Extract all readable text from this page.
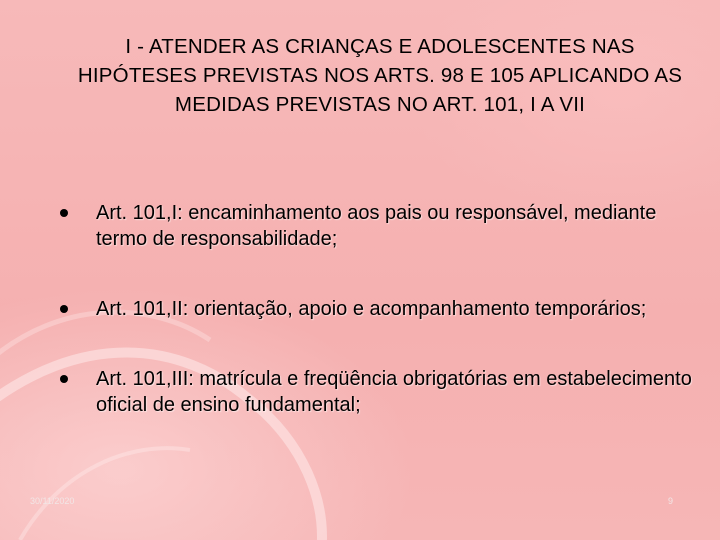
I - ATENDER AS CRIANÇAS E ADOLESCENTES NAS HIPÓTESES PREVISTAS NOS ARTS. 98 E 105 APLICANDO AS MEDIDAS PREVISTAS NO ART. 101, I A VII
Art. 101,I: encaminhamento aos pais ou responsável, mediante termo de responsabilidade;
Art. 101,II: orientação, apoio e acompanhamento temporários;
Art. 101,III: matrícula e freqüência obrigatórias em estabelecimento oficial de ensino fundamental;
30/11/2020	9
